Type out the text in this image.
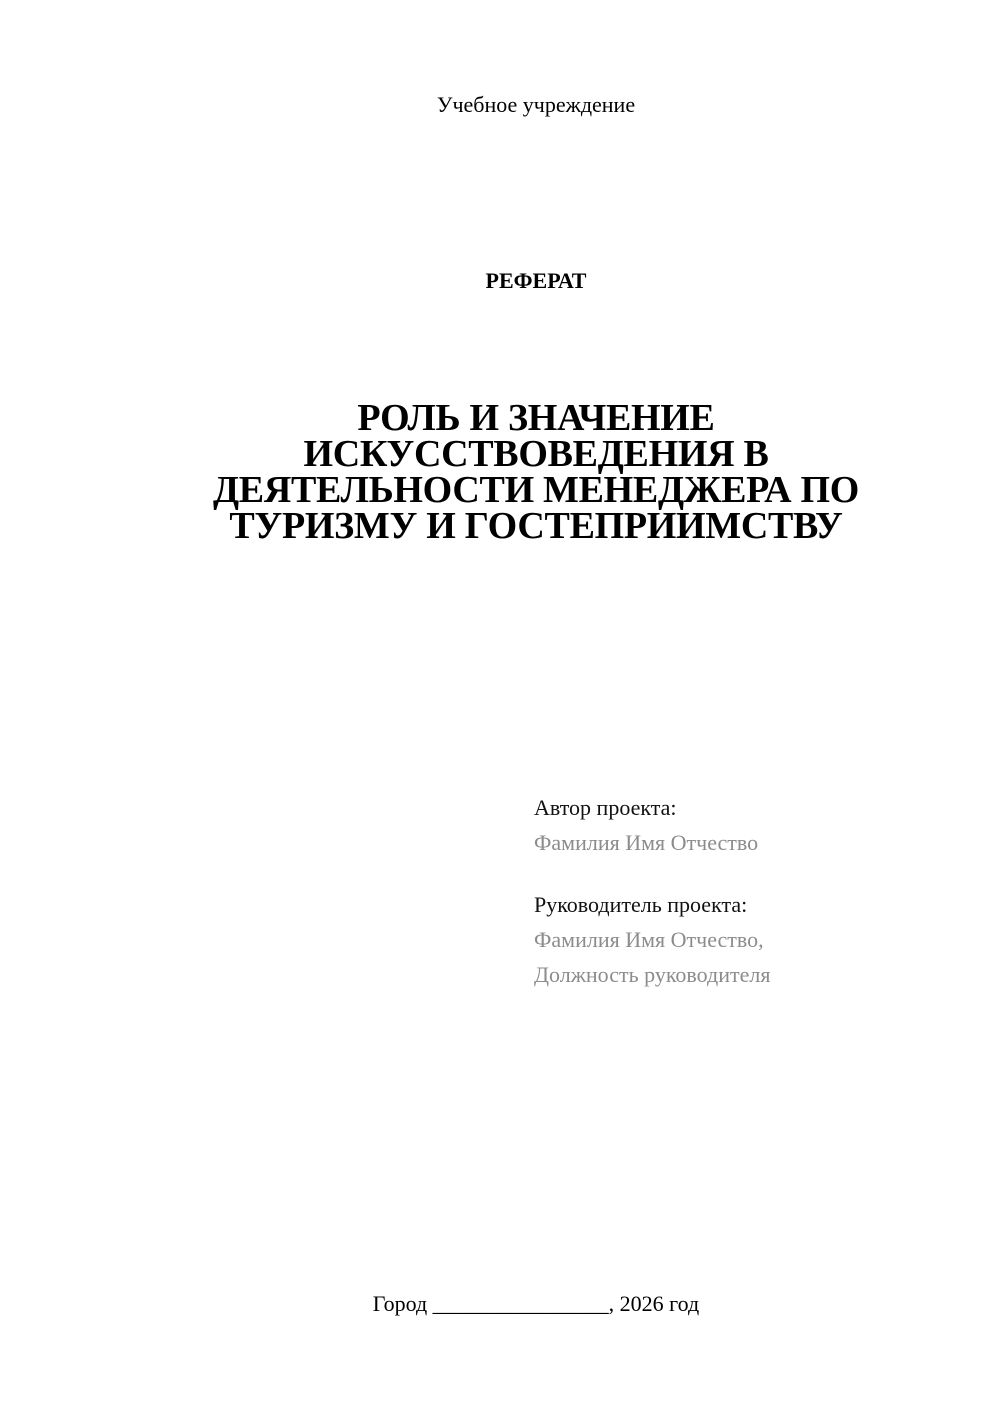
Учебное учреждение
РЕФЕРАТ
РОЛЬ И ЗНАЧЕНИЕ
ИСКУССТВОВЕДЕНИЯ В
ДЕЯТЕЛЬНОСТИ МЕНЕДЖЕРА ПО
ТУРИЗМУ И ГОСТЕПРИИМСТВУ
Автор проекта:
Фамилия Имя Отчество
Руководитель проекта:
Фамилия Имя Отчество,
Должность руководителя
Город ________________, 2026 год
